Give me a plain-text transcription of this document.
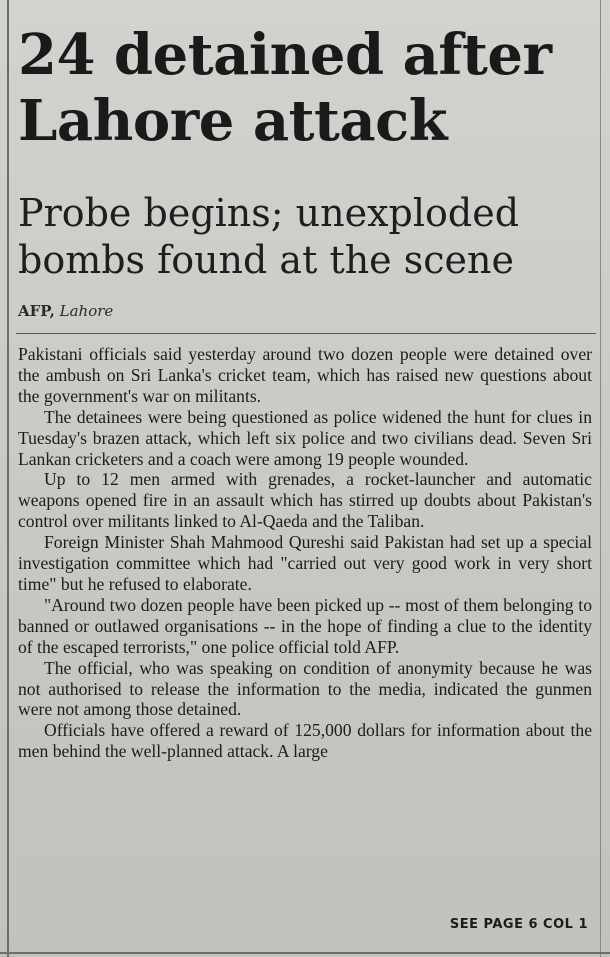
24 detained after Lahore attack
Probe begins; unexploded bombs found at the scene
AFP, Lahore

Pakistani officials said yesterday around two dozen people were detained over the ambush on Sri Lanka's cricket team, which has raised new questions about the government's war on militants.

The detainees were being questioned as police widened the hunt for clues in Tuesday's brazen attack, which left six police and two civilians dead. Seven Sri Lankan cricketers and a coach were among 19 people wounded.

Up to 12 men armed with grenades, a rocket-launcher and automatic weapons opened fire in an assault which has stirred up doubts about Pakistan's control over militants linked to Al-Qaeda and the Taliban.

Foreign Minister Shah Mahmood Qureshi said Pakistan had set up a special investigation committee which had "carried out very good work in very short time" but he refused to elaborate.

"Around two dozen people have been picked up -- most of them belonging to banned or outlawed organisations -- in the hope of finding a clue to the identity of the escaped terrorists," one police official told AFP.

The official, who was speaking on condition of anonymity because he was not authorised to release the information to the media, indicated the gunmen were not among those detained.

Officials have offered a reward of 125,000 dollars for information about the men behind the well-planned attack. A large

SEE PAGE 6 COL 1
